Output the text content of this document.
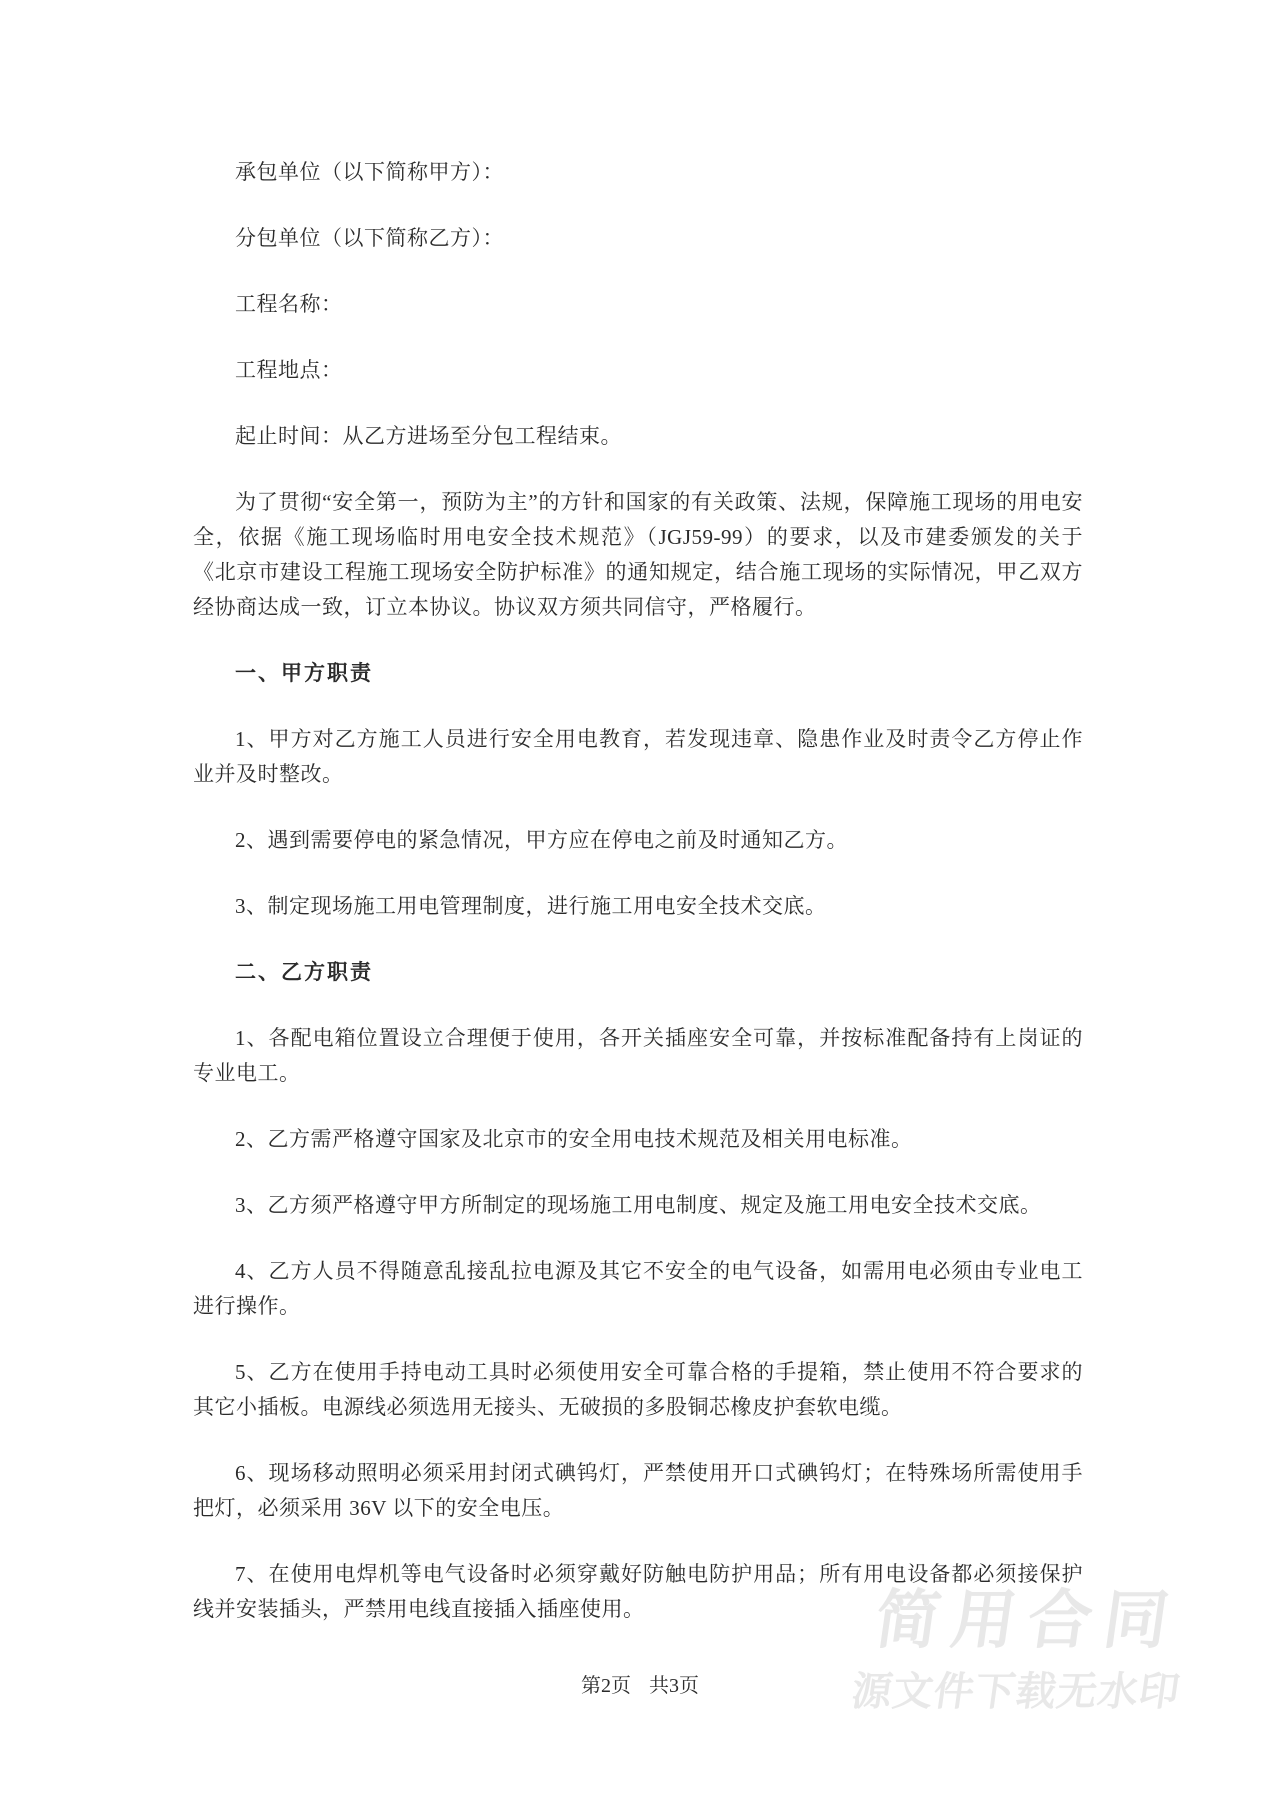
简用合同
源文件下载无水印

承包单位（以下简称甲方）：

分包单位（以下简称乙方）：

工程名称：

工程地点：

起止时间：从乙方进场至分包工程结束。

为了贯彻“安全第一，预防为主”的方针和国家的有关政策、法规，保障施工现场的用电安全，依据《施工现场临时用电安全技术规范》（JGJ59-99）的要求，以及市建委颁发的关于《北京市建设工程施工现场安全防护标准》的通知规定，结合施工现场的实际情况，甲乙双方经协商达成一致，订立本协议。协议双方须共同信守，严格履行。

一、甲方职责

1、甲方对乙方施工人员进行安全用电教育，若发现违章、隐患作业及时责令乙方停止作业并及时整改。

2、遇到需要停电的紧急情况，甲方应在停电之前及时通知乙方。

3、制定现场施工用电管理制度，进行施工用电安全技术交底。

二、乙方职责

1、各配电箱位置设立合理便于使用，各开关插座安全可靠，并按标准配备持有上岗证的专业电工。

2、乙方需严格遵守国家及北京市的安全用电技术规范及相关用电标准。

3、乙方须严格遵守甲方所制定的现场施工用电制度、规定及施工用电安全技术交底。

4、乙方人员不得随意乱接乱拉电源及其它不安全的电气设备，如需用电必须由专业电工进行操作。

5、乙方在使用手持电动工具时必须使用安全可靠合格的手提箱，禁止使用不符合要求的其它小插板。电源线必须选用无接头、无破损的多股铜芯橡皮护套软电缆。

6、现场移动照明必须采用封闭式碘钨灯，严禁使用开口式碘钨灯；在特殊场所需使用手把灯，必须采用 36V 以下的安全电压。

7、在使用电焊机等电气设备时必须穿戴好防触电防护用品；所有用电设备都必须接保护线并安装插头，严禁用电线直接插入插座使用。

第2页 共3页
